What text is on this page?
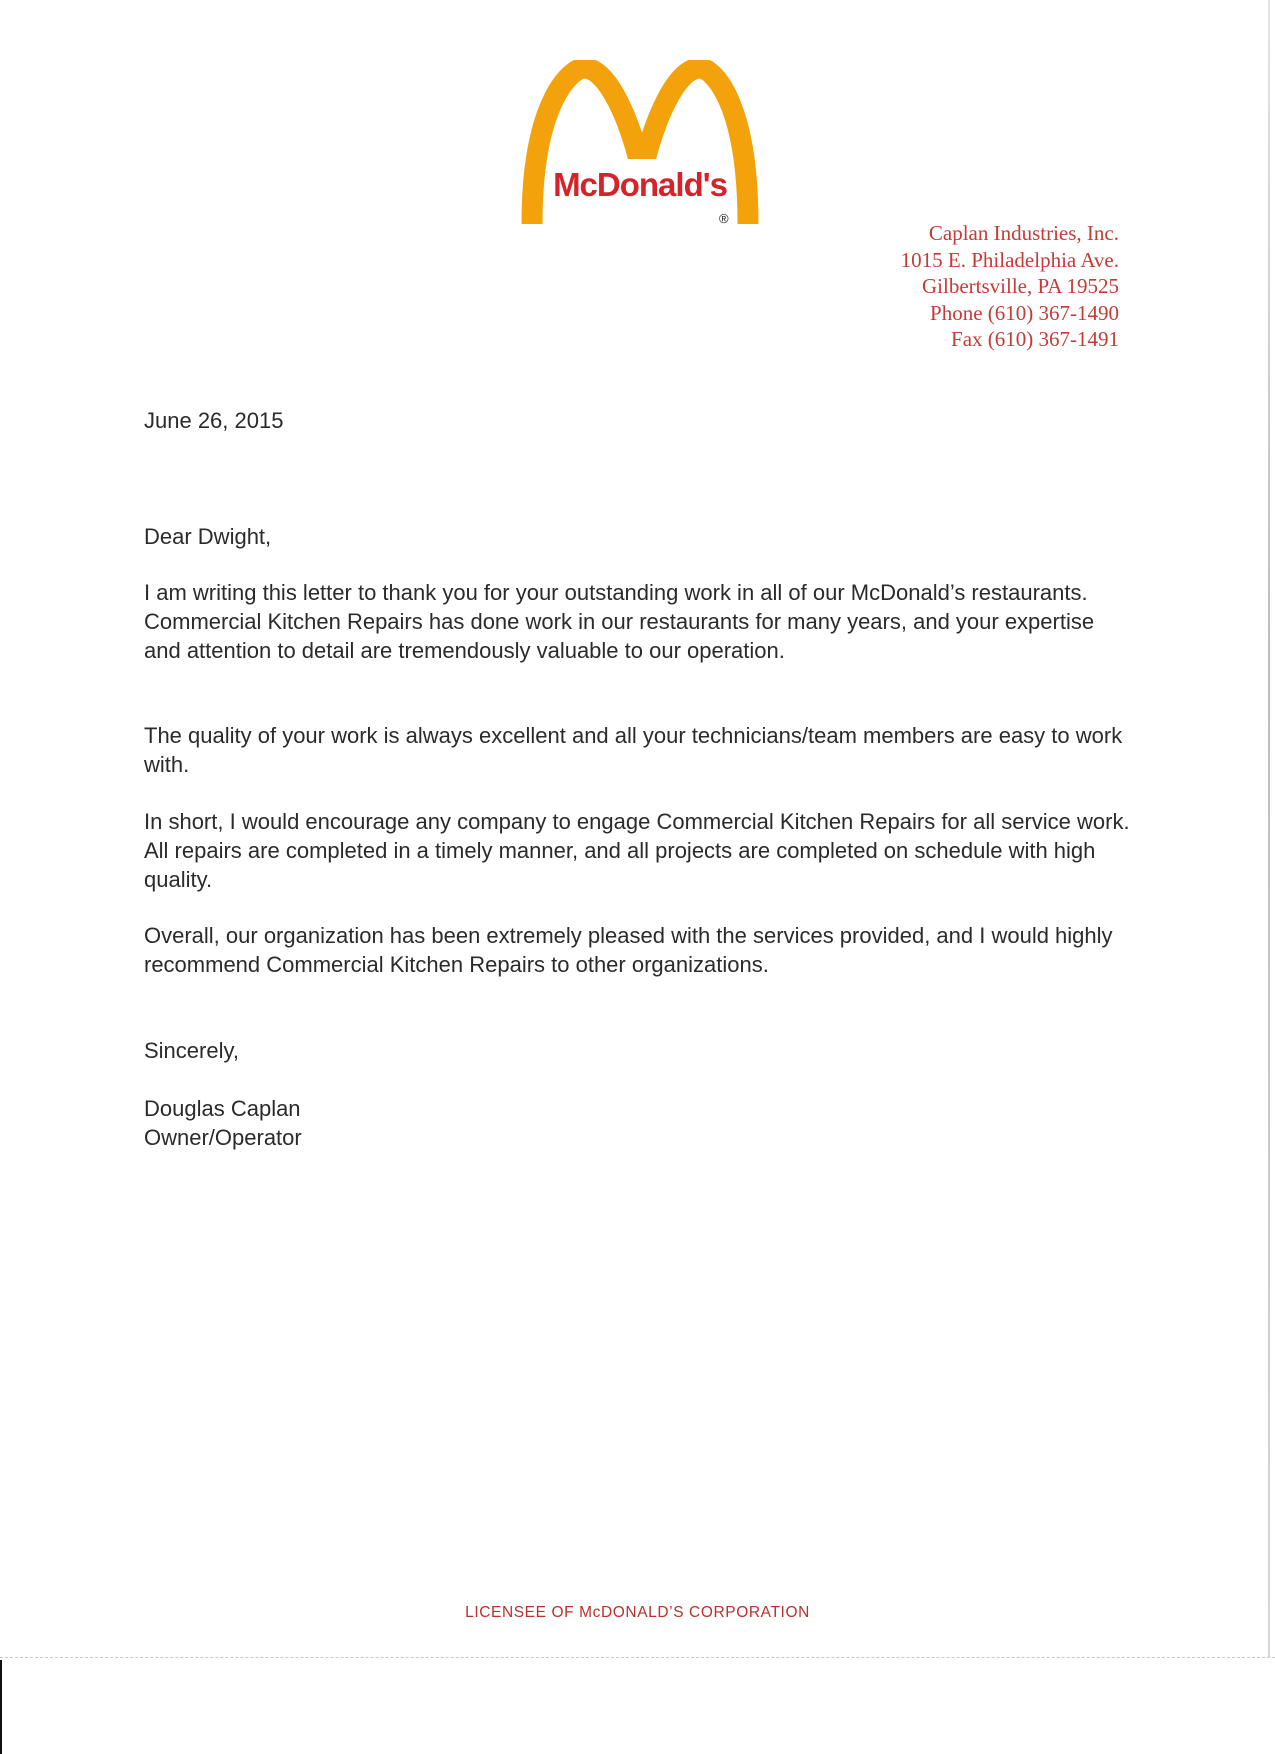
McDonald's
®
Caplan Industries, Inc.
1015 E. Philadelphia Ave.
Gilbertsville, PA 19525
Phone (610) 367-1490
Fax (610) 367-1491
June 26, 2015
Dear Dwight,
I am writing this letter to thank you for your outstanding work in all of our McDonald’s restaurants. Commercial Kitchen Repairs has done work in our restaurants for many years, and your expertise and attention to detail are tremendously valuable to our operation.
The quality of your work is always excellent and all your technicians/team members are easy to work with.
In short, I would encourage any company to engage Commercial Kitchen Repairs for all service work. All repairs are completed in a timely manner, and all projects are completed on schedule with high quality.
Overall, our organization has been extremely pleased with the services provided, and I would highly recommend Commercial Kitchen Repairs to other organizations.
Sincerely,
Douglas Caplan
Owner/Operator
LICENSEE OF McDONALD’S CORPORATION
